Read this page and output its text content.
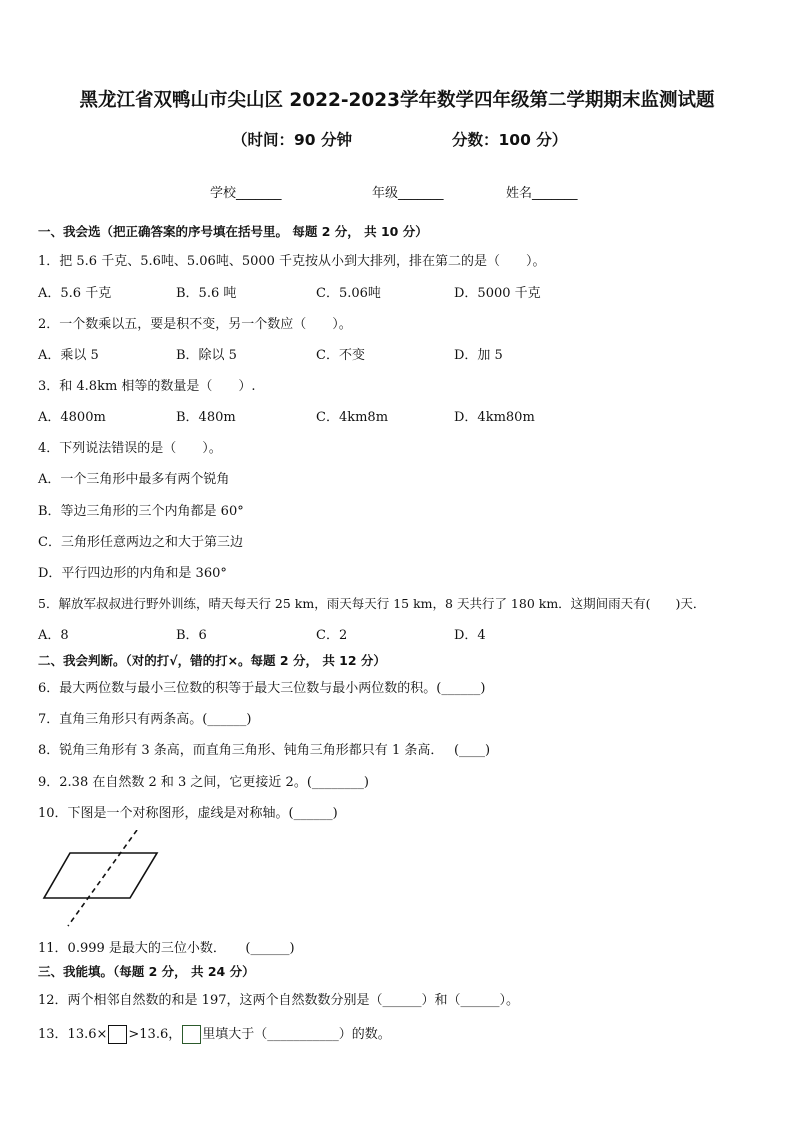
黑龙江省双鸭山市尖山区 2022-2023学年数学四年级第二学期期末监测试题
（时间：90 分钟	分数：100 分）
学校_______	年级_______	姓名_______
一、我会选（把正确答案的序号填在括号里。 每题 2 分， 共 10 分）
1．把 5.6 千克、5.6吨、5.06吨、5000 千克按从小到大排列，排在第二的是（　　）。
A．5.6 千克	B．5.6 吨	C．5.06吨	D．5000 千克
2．一个数乘以五，要是积不变，另一个数应（　　）。
A．乘以 5	B．除以 5	C．不变	D．加 5
3．和 4.8km 相等的数量是（　　）.
A．4800m	B．480m	C．4km8m	D．4km80m
4．下列说法错误的是（　　）。
A．一个三角形中最多有两个锐角
B．等边三角形的三个内角都是 60°
C．三角形任意两边之和大于第三边
D．平行四边形的内角和是 360°
5．解放军叔叔进行野外训练，晴天每天行 25 km，雨天每天行 15 km，8 天共行了 180 km．这期间雨天有(　　)天．
A．8	B．6	C．2	D．4
二、我会判断。（对的打√，错的打×。每题 2 分， 共 12 分）
6．最大两位数与最小三位数的积等于最大三位数与最小两位数的积。(______)
7．直角三角形只有两条高。(______)
8．锐角三角形有 3 条高，而直角三角形、钝角三角形都只有 1 条高．　 (____)
9．2.38 在自然数 2 和 3 之间，它更接近 2。(________)
10．下图是一个对称图形，虚线是对称轴。(______)
11．0.999 是最大的三位小数．　　(______)
三、我能填。（每题 2 分， 共 24 分）
12．两个相邻自然数的和是 197，这两个自然数数分别是（______）和（______）。
13．13.6× >13.6， 里填大于（___________）的数。
